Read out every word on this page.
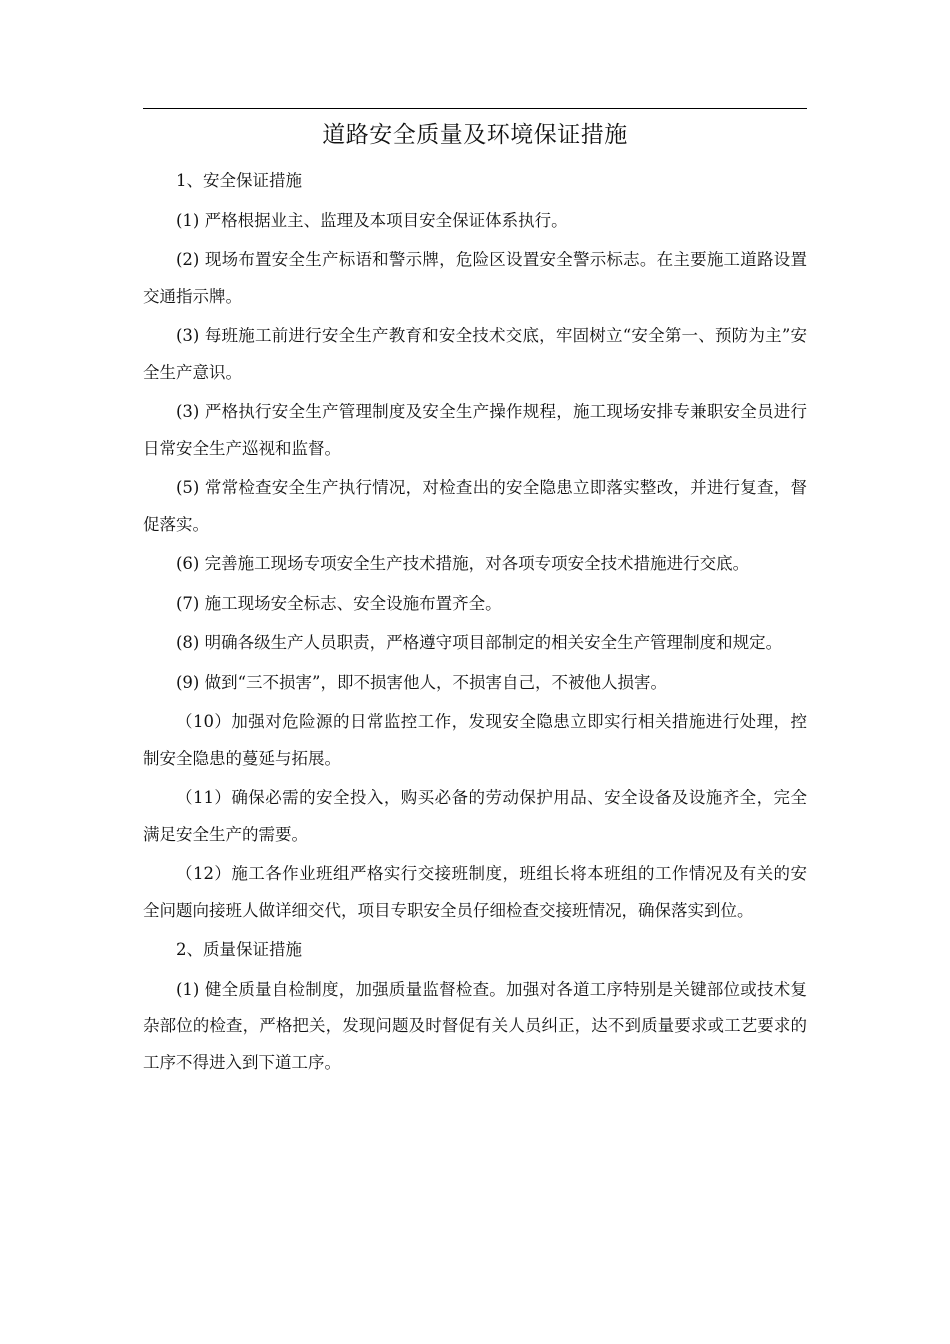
道路安全质量及环境保证措施

1、安全保证措施

(1) 严格根据业主、监理及本项目安全保证体系执行。

(2) 现场布置安全生产标语和警示牌，危险区设置安全警示标志。在主要施工道路设置交通指示牌。

(3) 每班施工前进行安全生产教育和安全技术交底，牢固树立“安全第一、预防为主”安全生产意识。

(3) 严格执行安全生产管理制度及安全生产操作规程，施工现场安排专兼职安全员进行日常安全生产巡视和监督。

(5) 常常检查安全生产执行情况，对检查出的安全隐患立即落实整改，并进行复查，督促落实。

(6) 完善施工现场专项安全生产技术措施，对各项专项安全技术措施进行交底。

(7) 施工现场安全标志、安全设施布置齐全。

(8) 明确各级生产人员职责，严格遵守项目部制定的相关安全生产管理制度和规定。

(9) 做到“三不损害”，即不损害他人，不损害自己，不被他人损害。

（10）加强对危险源的日常监控工作，发现安全隐患立即实行相关措施进行处理，控制安全隐患的蔓延与拓展。

（11）确保必需的安全投入，购买必备的劳动保护用品、安全设备及设施齐全，完全满足安全生产的需要。

（12）施工各作业班组严格实行交接班制度，班组长将本班组的工作情况及有关的安全问题向接班人做详细交代，项目专职安全员仔细检查交接班情况，确保落实到位。

2、质量保证措施

(1) 健全质量自检制度，加强质量监督检查。加强对各道工序特别是关键部位或技术复杂部位的检查，严格把关，发现问题及时督促有关人员纠正，达不到质量要求或工艺要求的工序不得进入到下道工序。
